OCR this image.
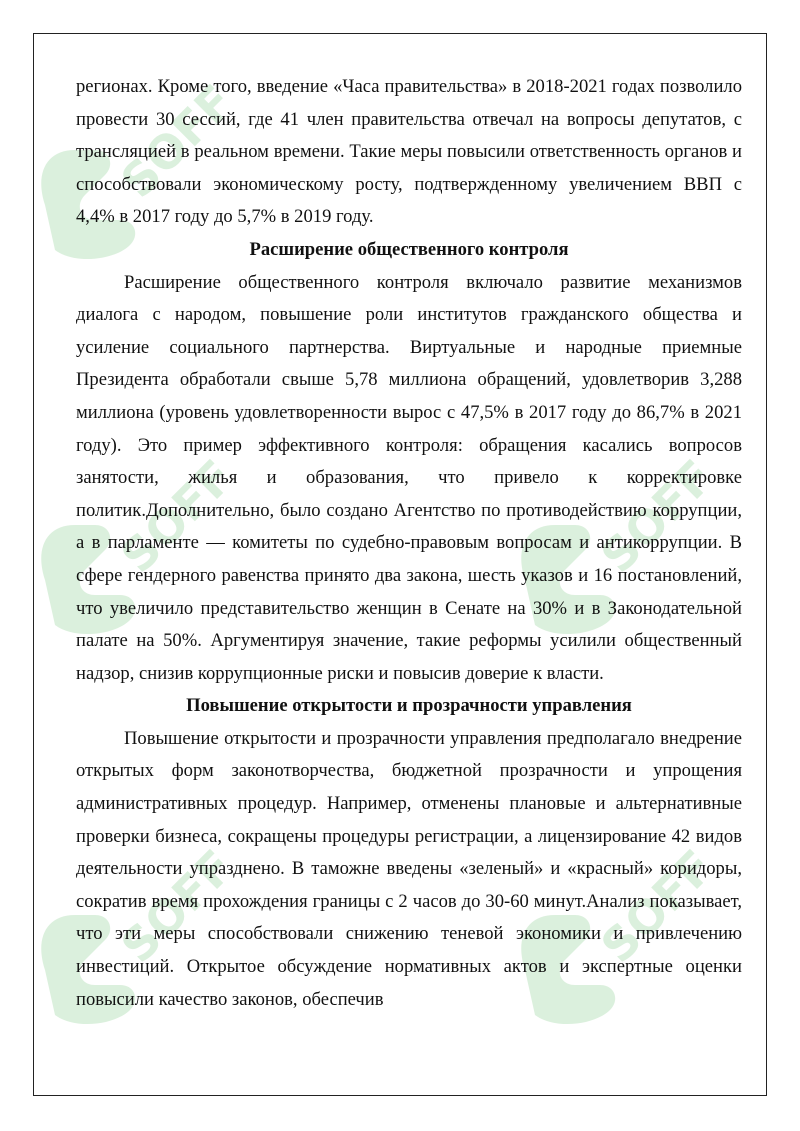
регионах. Кроме того, введение «Часа правительства» в 2018-2021 годах позволило провести 30 сессий, где 41 член правительства отвечал на вопросы депутатов, с трансляцией в реальном времени. Такие меры повысили ответственность органов и способствовали экономическому росту, подтвержденному увеличением ВВП с 4,4% в 2017 году до 5,7% в 2019 году.

Расширение общественного контроля

Расширение общественного контроля включало развитие механизмов диалога с народом, повышение роли институтов гражданского общества и усиление социального партнерства. Виртуальные и народные приемные Президента обработали свыше 5,78 миллиона обращений, удовлетворив 3,288 миллиона (уровень удовлетворенности вырос с 47,5% в 2017 году до 86,7% в 2021 году). Это пример эффективного контроля: обращения касались вопросов занятости, жилья и образования, что привело к корректировке политик.Дополнительно, было создано Агентство по противодействию коррупции, а в парламенте — комитеты по судебно-правовым вопросам и антикоррупции. В сфере гендерного равенства принято два закона, шесть указов и 16 постановлений, что увеличило представительство женщин в Сенате на 30% и в Законодательной палате на 50%. Аргументируя значение, такие реформы усилили общественный надзор, снизив коррупционные риски и повысив доверие к власти.

Повышение открытости и прозрачности управления

Повышение открытости и прозрачности управления предполагало внедрение открытых форм законотворчества, бюджетной прозрачности и упрощения административных процедур. Например, отменены плановые и альтернативные проверки бизнеса, сокращены процедуры регистрации, а лицензирование 42 видов деятельности упразднено. В таможне введены «зеленый» и «красный» коридоры, сократив время прохождения границы с 2 часов до 30-60 минут.Анализ показывает, что эти меры способствовали снижению теневой экономики и привлечению инвестиций. Открытое обсуждение нормативных актов и экспертные оценки повысили качество законов, обеспечив
